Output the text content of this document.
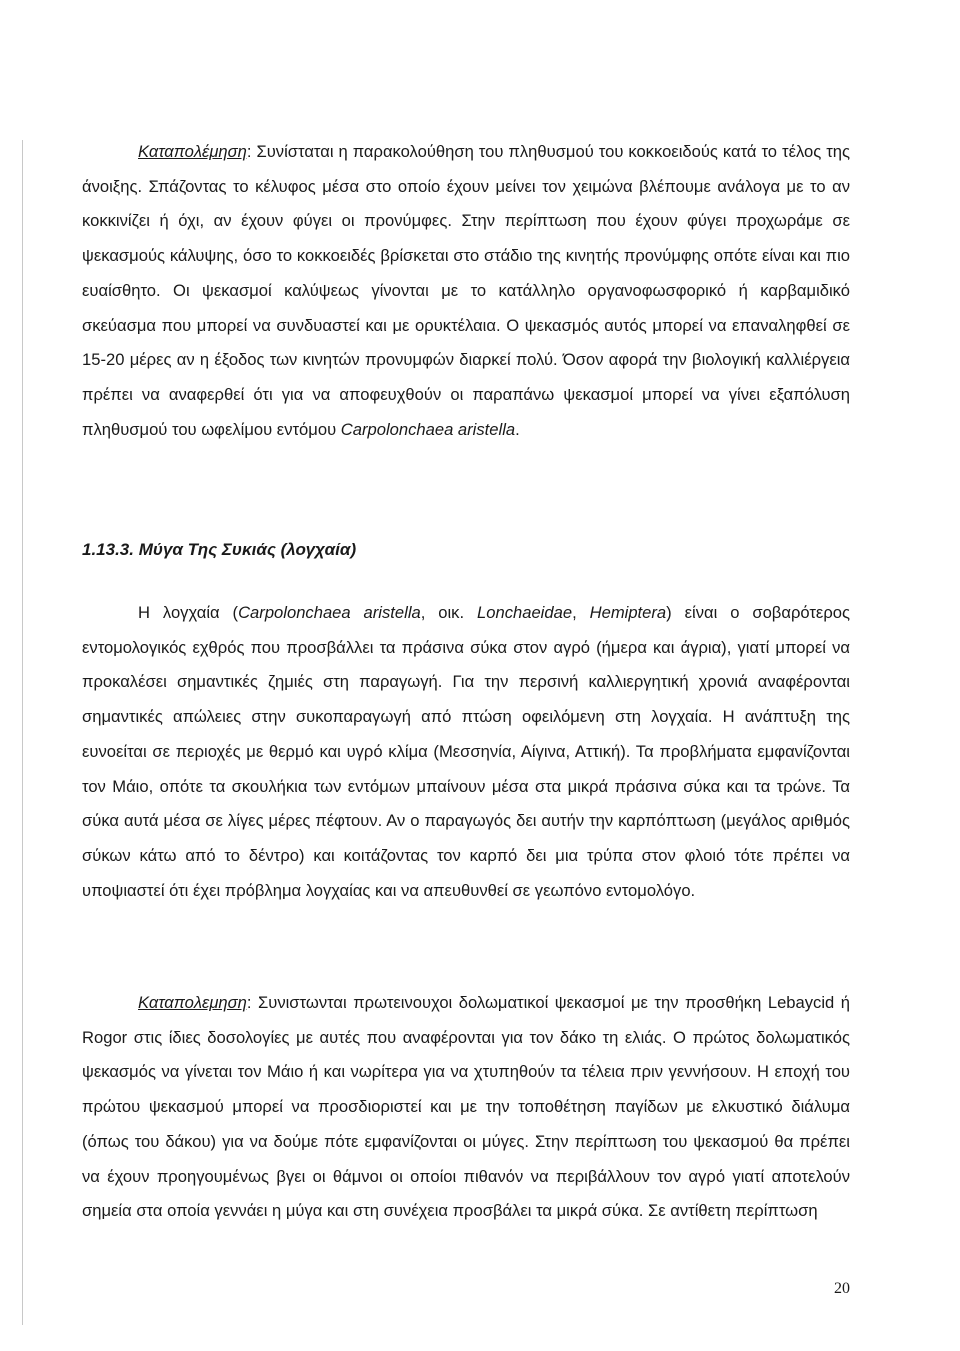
Καταπολέμηση: Συνίσταται η παρακολούθηση του πληθυσμού του κοκκοειδούς κατά το τέλος της άνοιξης. Σπάζοντας το κέλυφος μέσα στο οποίο έχουν μείνει τον χειμώνα βλέπουμε ανάλογα με το αν κοκκινίζει ή όχι, αν έχουν φύγει οι προνύμφες. Στην περίπτωση που έχουν φύγει προχωράμε σε ψεκασμούς κάλυψης, όσο το κοκκοειδές βρίσκεται στο στάδιο της κινητής προνύμφης οπότε είναι και πιο ευαίσθητο. Οι ψεκασμοί καλύψεως γίνονται με το κατάλληλο οργανοφωσφορικό ή καρβαμιδικό σκεύασμα που μπορεί να συνδυαστεί και με ορυκτέλαια. Ο ψεκασμός αυτός μπορεί να επαναληφθεί σε 15-20 μέρες αν η έξοδος των κινητών προνυμφών διαρκεί πολύ. Όσον αφορά την βιολογική καλλιέργεια πρέπει να αναφερθεί ότι για να αποφευχθούν οι παραπάνω ψεκασμοί μπορεί να γίνει εξαπόλυση πληθυσμού του ωφελίμου εντόμου Carpolonchaea aristella.

1.13.3. Μύγα Της Συκιάς (λογχαία)

Η λογχαία (Carpolonchaea aristella, οικ. Lonchaeidae, Hemiptera) είναι ο σοβαρότερος εντομολογικός εχθρός που προσβάλλει τα πράσινα σύκα στον αγρό (ήμερα και άγρια), γιατί μπορεί να προκαλέσει σημαντικές ζημιές στη παραγωγή. Για την περσινή καλλιεργητική χρονιά αναφέρονται σημαντικές απώλειες στην συκοπαραγωγή από πτώση οφειλόμενη στη λογχαία. Η ανάπτυξη της ευνοείται σε περιοχές με θερμό και υγρό κλίμα (Μεσσηνία, Αίγινα, Αττική). Τα προβλήματα εμφανίζονται τον Μάιο, οπότε τα σκουλήκια των εντόμων μπαίνουν μέσα στα μικρά πράσινα σύκα και τα τρώνε. Τα σύκα αυτά μέσα σε λίγες μέρες πέφτουν. Αν ο παραγωγός δει αυτήν την καρπόπτωση (μεγάλος αριθμός σύκων κάτω από το δέντρο) και κοιτάζοντας τον καρπό δει μια τρύπα στον φλοιό τότε πρέπει να υποψιαστεί ότι έχει πρόβλημα λογχαίας και να απευθυνθεί σε γεωπόνο εντομολόγο.

Καταπολεμηση: Συνιστωνται πρωτεινουχοι δολωματικοί ψεκασμοί με την προσθήκη Lebaycid ή Rogor στις ίδιες δοσολογίες με αυτές που αναφέρονται για τον δάκο τη ελιάς. Ο πρώτος δολωματικός ψεκασμός να γίνεται τον Μάιο ή και νωρίτερα για να χτυπηθούν τα τέλεια πριν γεννήσουν. Η εποχή του πρώτου ψεκασμού μπορεί να προσδιοριστεί και με την τοποθέτηση παγίδων με ελκυστικό διάλυμα (όπως του δάκου) για να δούμε πότε εμφανίζονται οι μύγες. Στην περίπτωση του ψεκασμού θα πρέπει να έχουν προηγουμένως βγει οι θάμνοι οι οποίοι πιθανόν να περιβάλλουν τον αγρό γιατί αποτελούν σημεία στα οποία γεννάει η μύγα και στη συνέχεια προσβάλει τα μικρά σύκα. Σε αντίθετη περίπτωση

20
